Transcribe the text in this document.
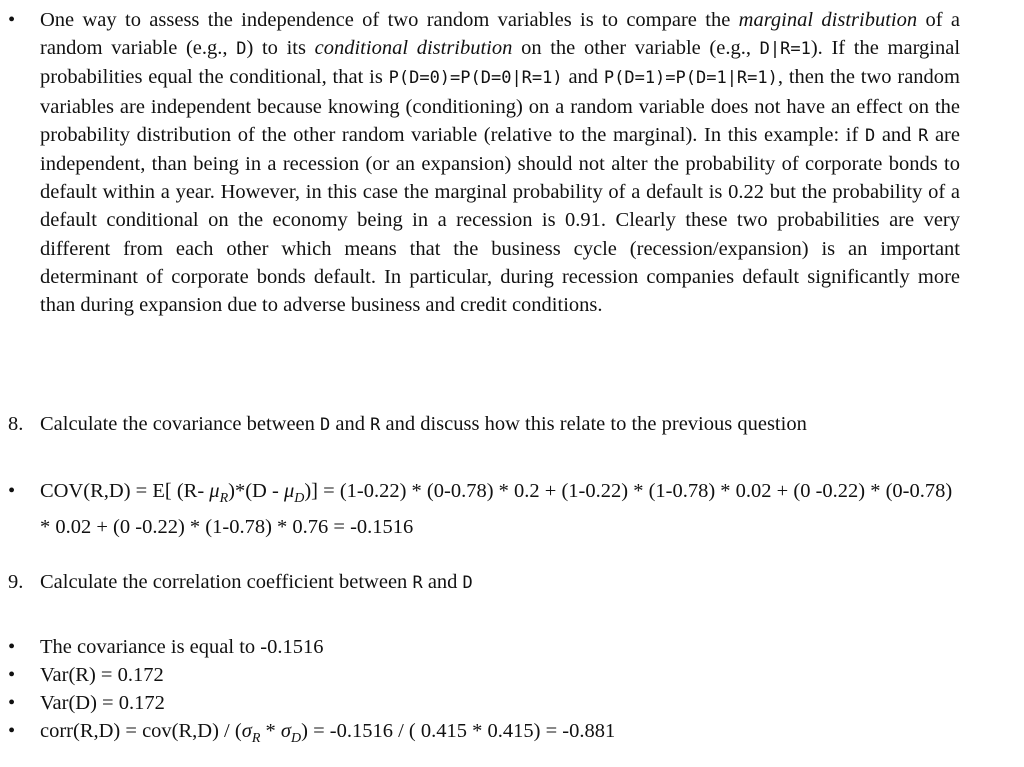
• One way to assess the independence of two random variables is to compare the marginal distribution of a random variable (e.g., D) to its conditional distribution on the other variable (e.g., D|R=1). If the marginal probabilities equal the conditional, that is P(D=0)=P(D=0|R=1) and P(D=1)=P(D=1|R=1), then the two random variables are independent because knowing (conditioning) on a random variable does not have an effect on the probability distribution of the other random variable (relative to the marginal). In this example: if D and R are independent, than being in a recession (or an expansion) should not alter the probability of corporate bonds to default within a year. However, in this case the marginal probability of a default is 0.22 but the probability of a default conditional on the economy being in a recession is 0.91. Clearly these two probabilities are very different from each other which means that the business cycle (recession/expansion) is an important determinant of corporate bonds default. In particular, during recession companies default significantly more than during expansion due to adverse business and credit conditions.
8. Calculate the covariance between D and R and discuss how this relate to the previous question
• COV(R,D) = E[ (R- $\mu_R)*(D - \mu_D)] = (1-0.22) * (0-0.78) * 0.2 + (1-0.22) * (1-0.78) * 0.02 + (0$ -0.22) * (0-0.78) * 0.02 + (0 -0.22) * (1-0.78) * 0.76 = -0.1516
9. Calculate the correlation coefficient between R and D
• The covariance is equal to -0.1516
• Var(R) = 0.172
• Var(D) = 0.172
• corr(R,D) = $cov(R,D) / (\sigma_R * \sigma_D) = -0.1516$ / ( 0.415 * 0.415) = -0.881
